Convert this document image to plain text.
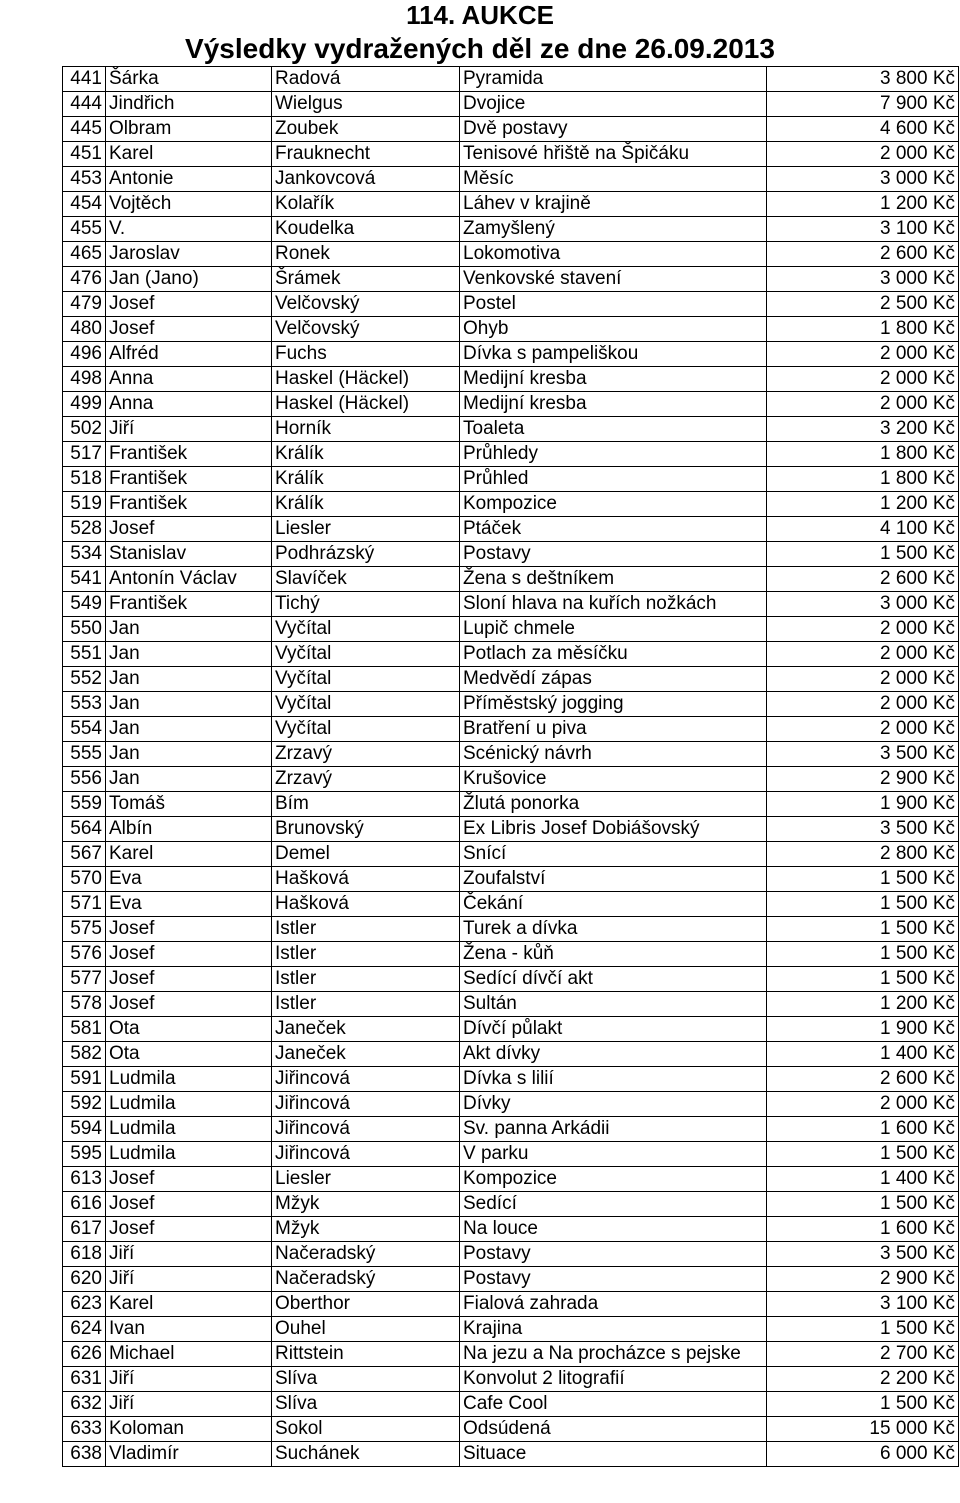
114. AUKCE
Výsledky vydražených děl ze dne 26.09.2013
441	Šárka	Radová	Pyramida	3 800 Kč
444	Jindřich	Wielgus	Dvojice	7 900 Kč
445	Olbram	Zoubek	Dvě postavy	4 600 Kč
451	Karel	Frauknecht	Tenisové hřiště na Špičáku	2 000 Kč
453	Antonie	Jankovcová	Měsíc	3 000 Kč
454	Vojtěch	Kolařík	Láhev v krajině	1 200 Kč
455	V.	Koudelka	Zamyšlený	3 100 Kč
465	Jaroslav	Ronek	Lokomotiva	2 600 Kč
476	Jan (Jano)	Šrámek	Venkovské stavení	3 000 Kč
479	Josef	Velčovský	Postel	2 500 Kč
480	Josef	Velčovský	Ohyb	1 800 Kč
496	Alfréd	Fuchs	Dívka s pampeliškou	2 000 Kč
498	Anna	Haskel (Häckel)	Medijní kresba	2 000 Kč
499	Anna	Haskel (Häckel)	Medijní kresba	2 000 Kč
502	Jiří	Horník	Toaleta	3 200 Kč
517	František	Králík	Průhledy	1 800 Kč
518	František	Králík	Průhled	1 800 Kč
519	František	Králík	Kompozice	1 200 Kč
528	Josef	Liesler	Ptáček	4 100 Kč
534	Stanislav	Podhrázský	Postavy	1 500 Kč
541	Antonín Václav	Slavíček	Žena s deštníkem	2 600 Kč
549	František	Tichý	Sloní hlava na kuřích nožkách	3 000 Kč
550	Jan	Vyčítal	Lupič chmele	2 000 Kč
551	Jan	Vyčítal	Potlach za měsíčku	2 000 Kč
552	Jan	Vyčítal	Medvědí zápas	2 000 Kč
553	Jan	Vyčítal	Příměstský jogging	2 000 Kč
554	Jan	Vyčítal	Bratření u piva	2 000 Kč
555	Jan	Zrzavý	Scénický návrh	3 500 Kč
556	Jan	Zrzavý	Krušovice	2 900 Kč
559	Tomáš	Bím	Žlutá ponorka	1 900 Kč
564	Albín	Brunovský	Ex Libris Josef Dobiášovský	3 500 Kč
567	Karel	Demel	Snící	2 800 Kč
570	Eva	Hašková	Zoufalství	1 500 Kč
571	Eva	Hašková	Čekání	1 500 Kč
575	Josef	Istler	Turek a dívka	1 500 Kč
576	Josef	Istler	Žena - kůň	1 500 Kč
577	Josef	Istler	Sedící dívčí akt	1 500 Kč
578	Josef	Istler	Sultán	1 200 Kč
581	Ota	Janeček	Dívčí půlakt	1 900 Kč
582	Ota	Janeček	Akt dívky	1 400 Kč
591	Ludmila	Jiřincová	Dívka s lilií	2 600 Kč
592	Ludmila	Jiřincová	Dívky	2 000 Kč
594	Ludmila	Jiřincová	Sv. panna Arkádii	1 600 Kč
595	Ludmila	Jiřincová	V parku	1 500 Kč
613	Josef	Liesler	Kompozice	1 400 Kč
616	Josef	Mžyk	Sedící	1 500 Kč
617	Josef	Mžyk	Na louce	1 600 Kč
618	Jiří	Načeradský	Postavy	3 500 Kč
620	Jiří	Načeradský	Postavy	2 900 Kč
623	Karel	Oberthor	Fialová zahrada	3 100 Kč
624	Ivan	Ouhel	Krajina	1 500 Kč
626	Michael	Rittstein	Na jezu a Na procházce s pejske	2 700 Kč
631	Jiří	Slíva	Konvolut 2 litografií	2 200 Kč
632	Jiří	Slíva	Cafe Cool	1 500 Kč
633	Koloman	Sokol	Odsúdená	15 000 Kč
638	Vladimír	Suchánek	Situace	6 000 Kč
